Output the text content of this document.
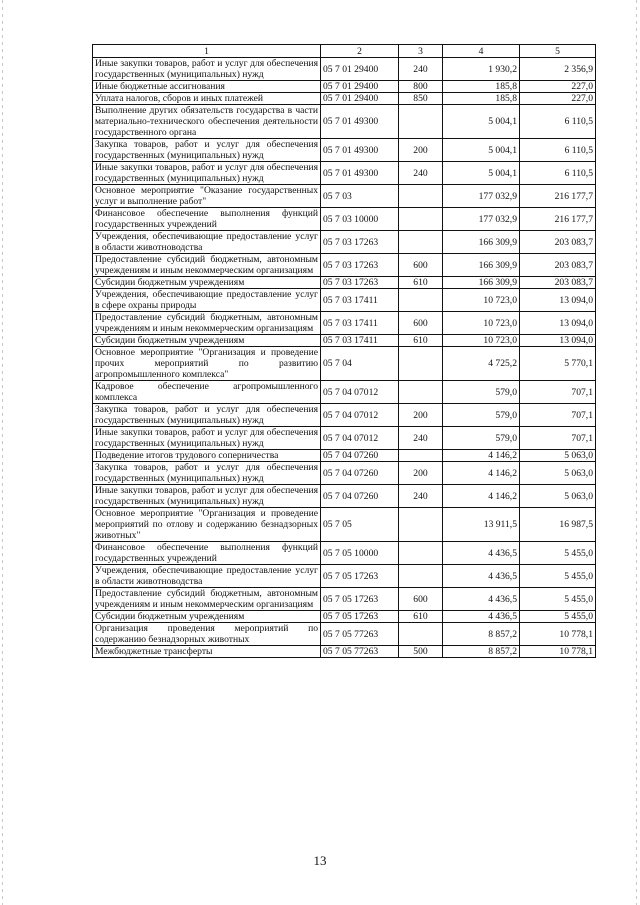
1	2	3	4	5
Иные закупки товаров, работ и услуг для обеспечения государственных (муниципальных) нужд	05 7 01 29400	240	1 930,2	2 356,9
Иные бюджетные ассигнования	05 7 01 29400	800	185,8	227,0
Уплата налогов, сборов и иных платежей	05 7 01 29400	850	185,8	227,0
Выполнение других обязательств государства в части материально-технического обеспечения деятельности государственного органа	05 7 01 49300		5 004,1	6 110,5
Закупка товаров, работ и услуг для обеспечения государственных (муниципальных) нужд	05 7 01 49300	200	5 004,1	6 110,5
Иные закупки товаров, работ и услуг для обеспечения государственных (муниципальных) нужд	05 7 01 49300	240	5 004,1	6 110,5
Основное мероприятие "Оказание государственных услуг и выполнение работ"	05 7 03		177 032,9	216 177,7
Финансовое обеспечение выполнения функций государственных учреждений	05 7 03 10000		177 032,9	216 177,7
Учреждения, обеспечивающие предоставление услуг в области животноводства	05 7 03 17263		166 309,9	203 083,7
Предоставление субсидий бюджетным, автономным учреждениям и иным некоммерческим организациям	05 7 03 17263	600	166 309,9	203 083,7
Субсидии бюджетным учреждениям	05 7 03 17263	610	166 309,9	203 083,7
Учреждения, обеспечивающие предоставление услуг в сфере охраны природы	05 7 03 17411		10 723,0	13 094,0
Предоставление субсидий бюджетным, автономным учреждениям и иным некоммерческим организациям	05 7 03 17411	600	10 723,0	13 094,0
Субсидии бюджетным учреждениям	05 7 03 17411	610	10 723,0	13 094,0
Основное мероприятие "Организация и проведение прочих мероприятий по развитию агропромышленного комплекса"	05 7 04		4 725,2	5 770,1
Кадровое обеспечение агропромышленного комплекса	05 7 04 07012		579,0	707,1
Закупка товаров, работ и услуг для обеспечения государственных (муниципальных) нужд	05 7 04 07012	200	579,0	707,1
Иные закупки товаров, работ и услуг для обеспечения государственных (муниципальных) нужд	05 7 04 07012	240	579,0	707,1
Подведение итогов трудового соперничества	05 7 04 07260		4 146,2	5 063,0
Закупка товаров, работ и услуг для обеспечения государственных (муниципальных) нужд	05 7 04 07260	200	4 146,2	5 063,0
Иные закупки товаров, работ и услуг для обеспечения государственных (муниципальных) нужд	05 7 04 07260	240	4 146,2	5 063,0
Основное мероприятие "Организация и проведение мероприятий по отлову и содержанию безнадзорных животных"	05 7 05		13 911,5	16 987,5
Финансовое обеспечение выполнения функций государственных учреждений	05 7 05 10000		4 436,5	5 455,0
Учреждения, обеспечивающие предоставление услуг в области животноводства	05 7 05 17263		4 436,5	5 455,0
Предоставление субсидий бюджетным, автономным учреждениям и иным некоммерческим организациям	05 7 05 17263	600	4 436,5	5 455,0
Субсидии бюджетным учреждениям	05 7 05 17263	610	4 436,5	5 455,0
Организация проведения мероприятий по содержанию безнадзорных животных	05 7 05 77263		8 857,2	10 778,1
Межбюджетные трансферты	05 7 05 77263	500	8 857,2	10 778,1
13
